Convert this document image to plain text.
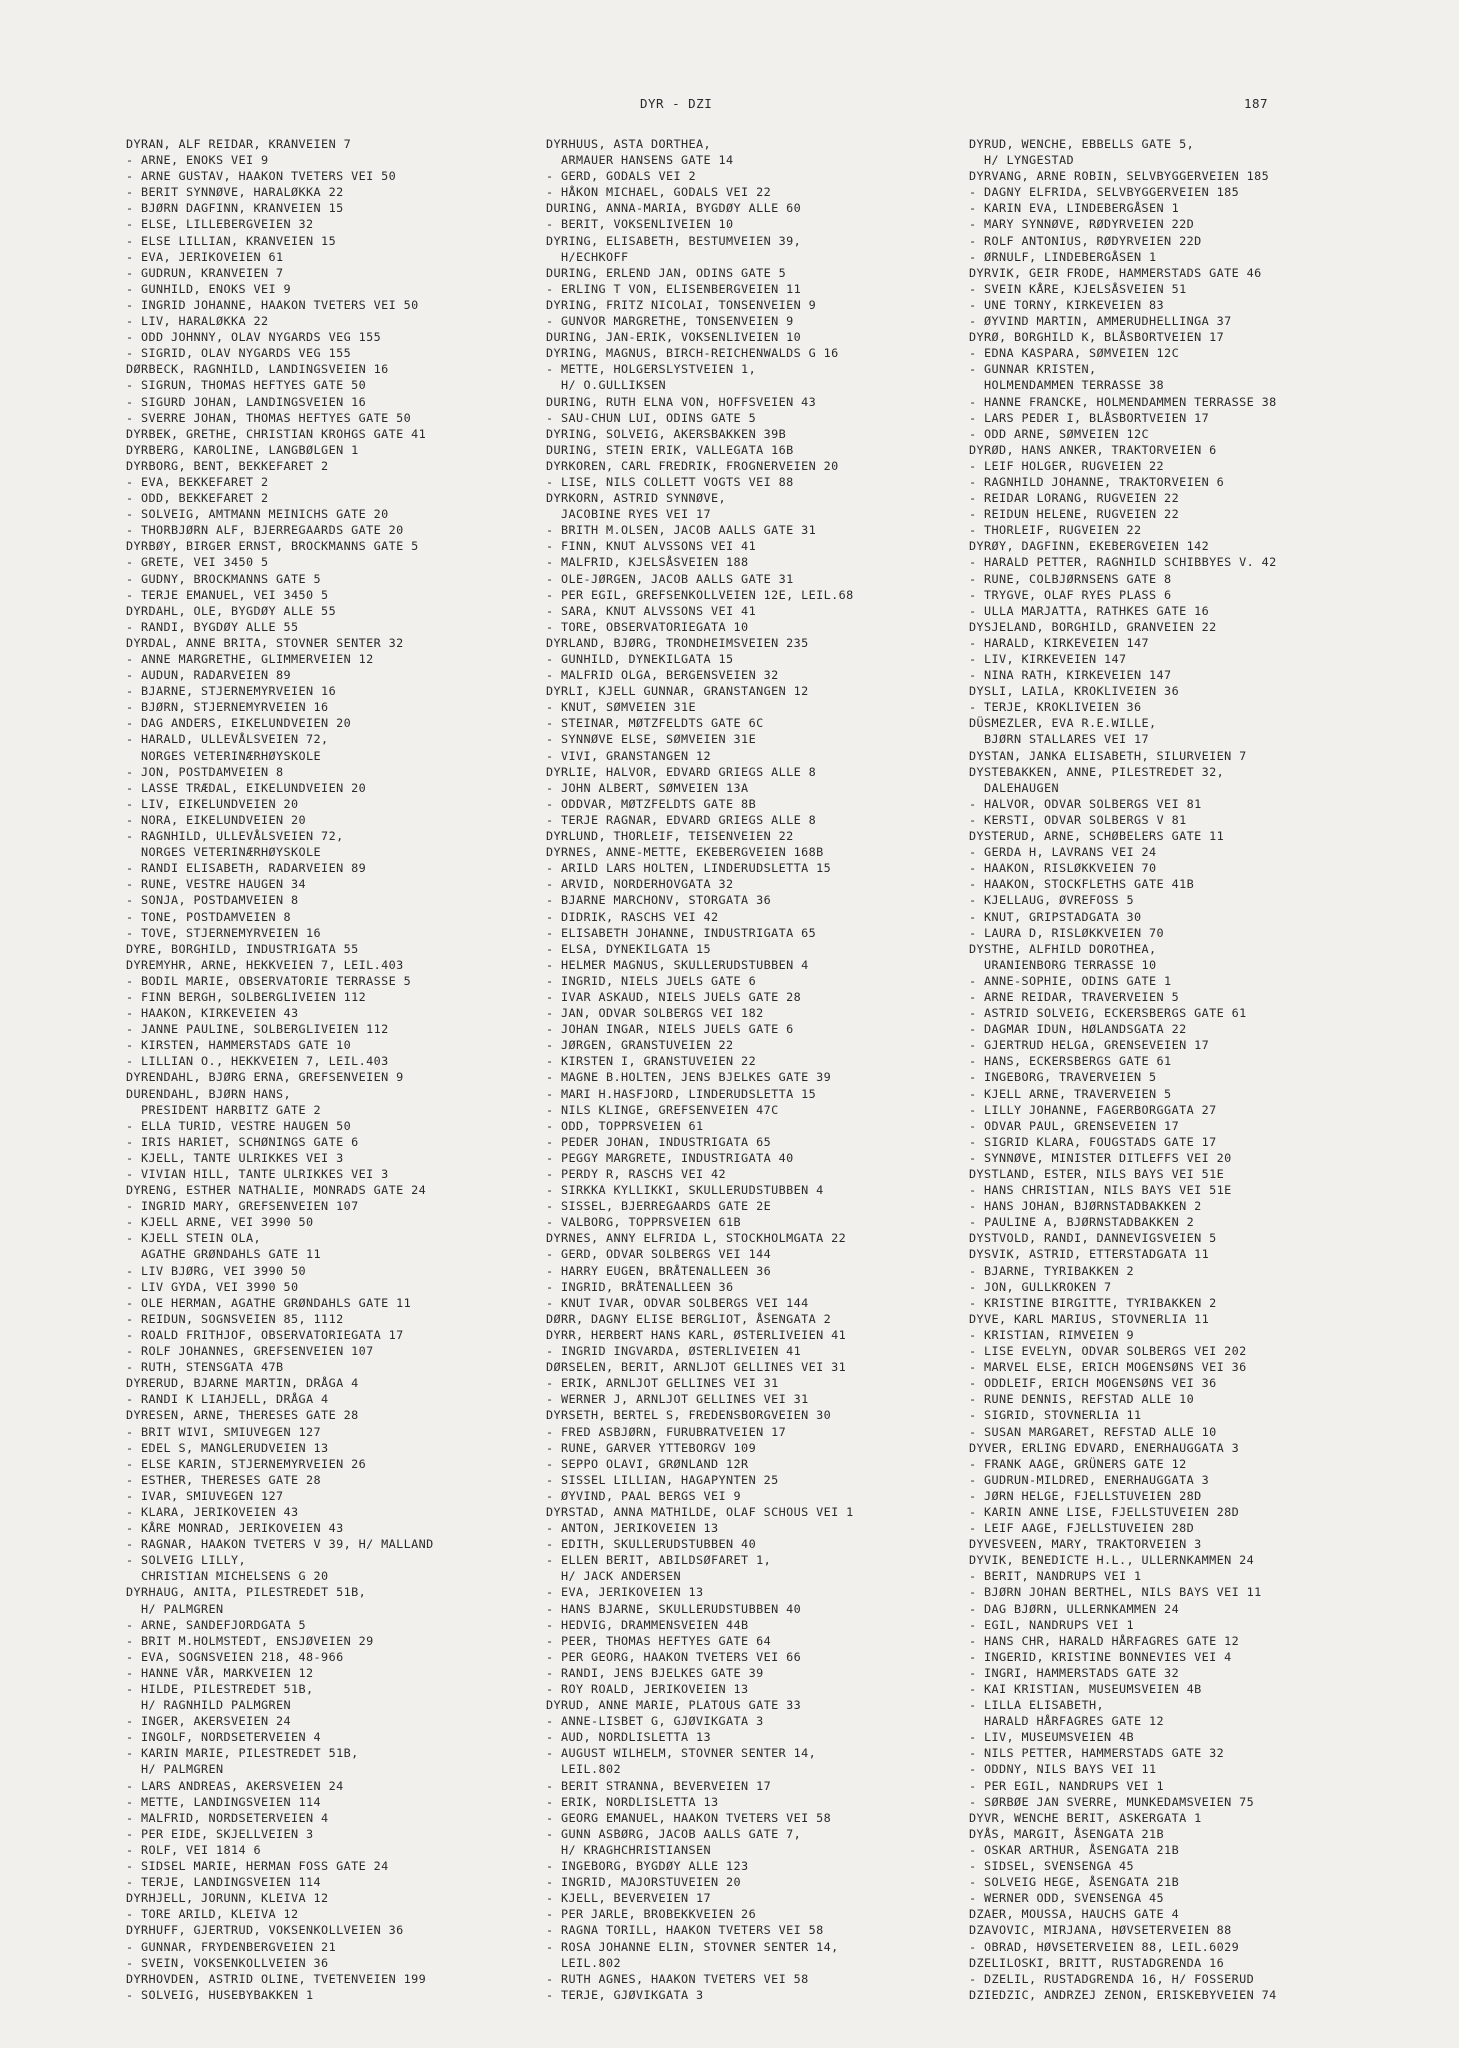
DYR - DZI	187
DYRAN, ALF REIDAR, KRANVEIEN 7
- ARNE, ENOKS VEI 9
- ARNE GUSTAV, HAAKON TVETERS VEI 50
- BERIT SYNNØVE, HARALØKKA 22
- BJØRN DAGFINN, KRANVEIEN 15
- ELSE, LILLEBERGVEIEN 32
- ELSE LILLIAN, KRANVEIEN 15
- EVA, JERIKOVEIEN 61
- GUDRUN, KRANVEIEN 7
- GUNHILD, ENOKS VEI 9
- INGRID JOHANNE, HAAKON TVETERS VEI 50
- LIV, HARALØKKA 22
- ODD JOHNNY, OLAV NYGARDS VEG 155
- SIGRID, OLAV NYGARDS VEG 155
DØRBECK, RAGNHILD, LANDINGSVEIEN 16
- SIGRUN, THOMAS HEFTYES GATE 50
- SIGURD JOHAN, LANDINGSVEIEN 16
- SVERRE JOHAN, THOMAS HEFTYES GATE 50
DYRBEK, GRETHE, CHRISTIAN KROHGS GATE 41
DYRBERG, KAROLINE, LANGBØLGEN 1
DYRBORG, BENT, BEKKEFARET 2
- EVA, BEKKEFARET 2
- ODD, BEKKEFARET 2
- SOLVEIG, AMTMANN MEINICHS GATE 20
- THORBJØRN ALF, BJERREGAARDS GATE 20
DYRBØY, BIRGER ERNST, BROCKMANNS GATE 5
- GRETE, VEI 3450 5
- GUDNY, BROCKMANNS GATE 5
- TERJE EMANUEL, VEI 3450 5
DYRDAHL, OLE, BYGDØY ALLE 55
- RANDI, BYGDØY ALLE 55
DYRDAL, ANNE BRITA, STOVNER SENTER 32
- ANNE MARGRETHE, GLIMMERVEIEN 12
- AUDUN, RADARVEIEN 89
- BJARNE, STJERNEMYRVEIEN 16
- BJØRN, STJERNEMYRVEIEN 16
- DAG ANDERS, EIKELUNDVEIEN 20
- HARALD, ULLEVÅLSVEIEN 72,
NORGES VETERINÆRHØYSKOLE
- JON, POSTDAMVEIEN 8
- LASSE TRÆDAL, EIKELUNDVEIEN 20
- LIV, EIKELUNDVEIEN 20
- NORA, EIKELUNDVEIEN 20
- RAGNHILD, ULLEVÅLSVEIEN 72,
NORGES VETERINÆRHØYSKOLE
- RANDI ELISABETH, RADARVEIEN 89
- RUNE, VESTRE HAUGEN 34
- SONJA, POSTDAMVEIEN 8
- TONE, POSTDAMVEIEN 8
- TOVE, STJERNEMYRVEIEN 16
DYRE, BORGHILD, INDUSTRIGATA 55
DYREMYHR, ARNE, HEKKVEIEN 7, LEIL.403
- BODIL MARIE, OBSERVATORIE TERRASSE 5
- FINN BERGH, SOLBERGLIVEIEN 112
- HAAKON, KIRKEVEIEN 43
- JANNE PAULINE, SOLBERGLIVEIEN 112
- KIRSTEN, HAMMERSTADS GATE 10
- LILLIAN O., HEKKVEIEN 7, LEIL.403
DYRENDAHL, BJØRG ERNA, GREFSENVEIEN 9
DURENDAHL, BJØRN HANS,
PRESIDENT HARBITZ GATE 2
- ELLA TURID, VESTRE HAUGEN 50
- IRIS HARIET, SCHØNINGS GATE 6
- KJELL, TANTE ULRIKKES VEI 3
- VIVIAN HILL, TANTE ULRIKKES VEI 3
DYRENG, ESTHER NATHALIE, MONRADS GATE 24
- INGRID MARY, GREFSENVEIEN 107
- KJELL ARNE, VEI 3990 50
- KJELL STEIN OLA,
AGATHE GRØNDAHLS GATE 11
- LIV BJØRG, VEI 3990 50
- LIV GYDA, VEI 3990 50
- OLE HERMAN, AGATHE GRØNDAHLS GATE 11
- REIDUN, SOGNSVEIEN 85, 1112
- ROALD FRITHJOF, OBSERVATORIEGATA 17
- ROLF JOHANNES, GREFSENVEIEN 107
- RUTH, STENSGATA 47B
DYRERUD, BJARNE MARTIN, DRÅGA 4
- RANDI K LIAHJELL, DRÅGA 4
DYRESEN, ARNE, THERESES GATE 28
- BRIT WIVI, SMIUVEGEN 127
- EDEL S, MANGLERUDVEIEN 13
- ELSE KARIN, STJERNEMYRVEIEN 26
- ESTHER, THERESES GATE 28
- IVAR, SMIUVEGEN 127
- KLARA, JERIKOVEIEN 43
- KÅRE MONRAD, JERIKOVEIEN 43
- RAGNAR, HAAKON TVETERS V 39, H/ MALLAND
- SOLVEIG LILLY,
CHRISTIAN MICHELSENS G 20
DYRHAUG, ANITA, PILESTREDET 51B,
H/ PALMGREN
- ARNE, SANDEFJORDGATA 5
- BRIT M.HOLMSTEDT, ENSJØVEIEN 29
- EVA, SOGNSVEIEN 218, 48-966
- HANNE VÅR, MARKVEIEN 12
- HILDE, PILESTREDET 51B,
H/ RAGNHILD PALMGREN
- INGER, AKERSVEIEN 24
- INGOLF, NORDSETERVEIEN 4
- KARIN MARIE, PILESTREDET 51B,
H/ PALMGREN
- LARS ANDREAS, AKERSVEIEN 24
- METTE, LANDINGSVEIEN 114
- MALFRID, NORDSETERVEIEN 4
- PER EIDE, SKJELLVEIEN 3
- ROLF, VEI 1814 6
- SIDSEL MARIE, HERMAN FOSS GATE 24
- TERJE, LANDINGSVEIEN 114
DYRHJELL, JORUNN, KLEIVA 12
- TORE ARILD, KLEIVA 12
DYRHUFF, GJERTRUD, VOKSENKOLLVEIEN 36
- GUNNAR, FRYDENBERGVEIEN 21
- SVEIN, VOKSENKOLLVEIEN 36
DYRHOVDEN, ASTRID OLINE, TVETENVEIEN 199
- SOLVEIG, HUSEBYBAKKEN 1
DYRHUUS, ASTA DORTHEA,
ARMAUER HANSENS GATE 14
- GERD, GODALS VEI 2
- HÅKON MICHAEL, GODALS VEI 22
DURING, ANNA-MARIA, BYGDØY ALLE 60
- BERIT, VOKSENLIVEIEN 10
DYRING, ELISABETH, BESTUMVEIEN 39,
H/ECHKOFF
DURING, ERLEND JAN, ODINS GATE 5
- ERLING T VON, ELISENBERGVEIEN 11
DYRING, FRITZ NICOLAI, TONSENVEIEN 9
- GUNVOR MARGRETHE, TONSENVEIEN 9
DURING, JAN-ERIK, VOKSENLIVEIEN 10
DYRING, MAGNUS, BIRCH-REICHENWALDS G 16
- METTE, HOLGERSLYSTVEIEN 1,
H/ O.GULLIKSEN
DURING, RUTH ELNA VON, HOFFSVEIEN 43
- SAU-CHUN LUI, ODINS GATE 5
DYRING, SOLVEIG, AKERSBAKKEN 39B
DURING, STEIN ERIK, VALLEGATA 16B
DYRKOREN, CARL FREDRIK, FROGNERVEIEN 20
- LISE, NILS COLLETT VOGTS VEI 88
DYRKORN, ASTRID SYNNØVE,
JACOBINE RYES VEI 17
- BRITH M.OLSEN, JACOB AALLS GATE 31
- FINN, KNUT ALVSSONS VEI 41
- MALFRID, KJELSÅSVEIEN 188
- OLE-JØRGEN, JACOB AALLS GATE 31
- PER EGIL, GREFSENKOLLVEIEN 12E, LEIL.68
- SARA, KNUT ALVSSONS VEI 41
- TORE, OBSERVATORIEGATA 10
DYRLAND, BJØRG, TRONDHEIMSVEIEN 235
- GUNHILD, DYNEKILGATA 15
- MALFRID OLGA, BERGENSVEIEN 32
DYRLI, KJELL GUNNAR, GRANSTANGEN 12
- KNUT, SØMVEIEN 31E
- STEINAR, MØTZFELDTS GATE 6C
- SYNNØVE ELSE, SØMVEIEN 31E
- VIVI, GRANSTANGEN 12
DYRLIE, HALVOR, EDVARD GRIEGS ALLE 8
- JOHN ALBERT, SØMVEIEN 13A
- ODDVAR, MØTZFELDTS GATE 8B
- TERJE RAGNAR, EDVARD GRIEGS ALLE 8
DYRLUND, THORLEIF, TEISENVEIEN 22
DYRNES, ANNE-METTE, EKEBERGVEIEN 168B
- ARILD LARS HOLTEN, LINDERUDSLETTA 15
- ARVID, NORDERHOVGATA 32
- BJARNE MARCHONV, STORGATA 36
- DIDRIK, RASCHS VEI 42
- ELISABETH JOHANNE, INDUSTRIGATA 65
- ELSA, DYNEKILGATA 15
- HELMER MAGNUS, SKULLERUDSTUBBEN 4
- INGRID, NIELS JUELS GATE 6
- IVAR ASKAUD, NIELS JUELS GATE 28
- JAN, ODVAR SOLBERGS VEI 182
- JOHAN INGAR, NIELS JUELS GATE 6
- JØRGEN, GRANSTUVEIEN 22
- KIRSTEN I, GRANSTUVEIEN 22
- MAGNE B.HOLTEN, JENS BJELKES GATE 39
- MARI H.HASFJORD, LINDERUDSLETTA 15
- NILS KLINGE, GREFSENVEIEN 47C
- ODD, TOPPRSVEIEN 61
- PEDER JOHAN, INDUSTRIGATA 65
- PEGGY MARGRETE, INDUSTRIGATA 40
- PERDY R, RASCHS VEI 42
- SIRKKA KYLLIKKI, SKULLERUDSTUBBEN 4
- SISSEL, BJERREGAARDS GATE 2E
- VALBORG, TOPPRSVEIEN 61B
DYRNES, ANNY ELFRIDA L, STOCKHOLMGATA 22
- GERD, ODVAR SOLBERGS VEI 144
- HARRY EUGEN, BRÅTENALLEEN 36
- INGRID, BRÅTENALLEEN 36
- KNUT IVAR, ODVAR SOLBERGS VEI 144
DØRR, DAGNY ELISE BERGLIOT, ÅSENGATA 2
DYRR, HERBERT HANS KARL, ØSTERLIVEIEN 41
- INGRID INGVARDA, ØSTERLIVEIEN 41
DØRSELEN, BERIT, ARNLJOT GELLINES VEI 31
- ERIK, ARNLJOT GELLINES VEI 31
- WERNER J, ARNLJOT GELLINES VEI 31
DYRSETH, BERTEL S, FREDENSBORGVEIEN 30
- FRED ASBJØRN, FURUBRATVEIEN 17
- RUNE, GARVER YTTEBORGV 109
- SEPPO OLAVI, GRØNLAND 12R
- SISSEL LILLIAN, HAGAPYNTEN 25
- ØYVIND, PAAL BERGS VEI 9
DYRSTAD, ANNA MATHILDE, OLAF SCHOUS VEI 1
- ANTON, JERIKOVEIEN 13
- EDITH, SKULLERUDSTUBBEN 40
- ELLEN BERIT, ABILDSØFARET 1,
H/ JACK ANDERSEN
- EVA, JERIKOVEIEN 13
- HANS BJARNE, SKULLERUDSTUBBEN 40
- HEDVIG, DRAMMENSVEIEN 44B
- PEER, THOMAS HEFTYES GATE 64
- PER GEORG, HAAKON TVETERS VEI 66
- RANDI, JENS BJELKES GATE 39
- ROY ROALD, JERIKOVEIEN 13
DYRUD, ANNE MARIE, PLATOUS GATE 33
- ANNE-LISBET G, GJØVIKGATA 3
- AUD, NORDLISLETTA 13
- AUGUST WILHELM, STOVNER SENTER 14,
LEIL.802
- BERIT STRANNA, BEVERVEIEN 17
- ERIK, NORDLISLETTA 13
- GEORG EMANUEL, HAAKON TVETERS VEI 58
- GUNN ASBØRG, JACOB AALLS GATE 7,
H/ KRAGHCHRISTIANSEN
- INGEBORG, BYGDØY ALLE 123
- INGRID, MAJORSTUVEIEN 20
- KJELL, BEVERVEIEN 17
- PER JARLE, BROBEKKVEIEN 26
- RAGNA TORILL, HAAKON TVETERS VEI 58
- ROSA JOHANNE ELIN, STOVNER SENTER 14,
LEIL.802
- RUTH AGNES, HAAKON TVETERS VEI 58
- TERJE, GJØVIKGATA 3
DYRUD, WENCHE, EBBELLS GATE 5,
H/ LYNGESTAD
DYRVANG, ARNE ROBIN, SELVBYGGERVEIEN 185
- DAGNY ELFRIDA, SELVBYGGERVEIEN 185
- KARIN EVA, LINDEBERGÅSEN 1
- MARY SYNNØVE, RØDYRVEIEN 22D
- ROLF ANTONIUS, RØDYRVEIEN 22D
- ØRNULF, LINDEBERGÅSEN 1
DYRVIK, GEIR FRODE, HAMMERSTADS GATE 46
- SVEIN KÅRE, KJELSÅSVEIEN 51
- UNE TORNY, KIRKEVEIEN 83
- ØYVIND MARTIN, AMMERUDHELLINGA 37
DYRØ, BORGHILD K, BLÅSBORTVEIEN 17
- EDNA KASPARA, SØMVEIEN 12C
- GUNNAR KRISTEN,
HOLMENDAMMEN TERRASSE 38
- HANNE FRANCKE, HOLMENDAMMEN TERRASSE 38
- LARS PEDER I, BLÅSBORTVEIEN 17
- ODD ARNE, SØMVEIEN 12C
DYRØD, HANS ANKER, TRAKTORVEIEN 6
- LEIF HOLGER, RUGVEIEN 22
- RAGNHILD JOHANNE, TRAKTORVEIEN 6
- REIDAR LORANG, RUGVEIEN 22
- REIDUN HELENE, RUGVEIEN 22
- THORLEIF, RUGVEIEN 22
DYRØY, DAGFINN, EKEBERGVEIEN 142
- HARALD PETTER, RAGNHILD SCHIBBYES V. 42
- RUNE, COLBJØRNSENS GATE 8
- TRYGVE, OLAF RYES PLASS 6
- ULLA MARJATTA, RATHKES GATE 16
DYSJELAND, BORGHILD, GRANVEIEN 22
- HARALD, KIRKEVEIEN 147
- LIV, KIRKEVEIEN 147
- NINA RATH, KIRKEVEIEN 147
DYSLI, LAILA, KROKLIVEIEN 36
- TERJE, KROKLIVEIEN 36
DÜSMEZLER, EVA R.E.WILLE,
BJØRN STALLARES VEI 17
DYSTAN, JANKA ELISABETH, SILURVEIEN 7
DYSTEBAKKEN, ANNE, PILESTREDET 32,
DALEHAUGEN
- HALVOR, ODVAR SOLBERGS VEI 81
- KERSTI, ODVAR SOLBERGS V 81
DYSTERUD, ARNE, SCHØBELERS GATE 11
- GERDA H, LAVRANS VEI 24
- HAAKON, RISLØKKVEIEN 70
- HAAKON, STOCKFLETHS GATE 41B
- KJELLAUG, ØVREFOSS 5
- KNUT, GRIPSTADGATA 30
- LAURA D, RISLØKKVEIEN 70
DYSTHE, ALFHILD DOROTHEA,
URANIENBORG TERRASSE 10
- ANNE-SOPHIE, ODINS GATE 1
- ARNE REIDAR, TRAVERVEIEN 5
- ASTRID SOLVEIG, ECKERSBERGS GATE 61
- DAGMAR IDUN, HØLANDSGATA 22
- GJERTRUD HELGA, GRENSEVEIEN 17
- HANS, ECKERSBERGS GATE 61
- INGEBORG, TRAVERVEIEN 5
- KJELL ARNE, TRAVERVEIEN 5
- LILLY JOHANNE, FAGERBORGGATA 27
- ODVAR PAUL, GRENSEVEIEN 17
- SIGRID KLARA, FOUGSTADS GATE 17
- SYNNØVE, MINISTER DITLEFFS VEI 20
DYSTLAND, ESTER, NILS BAYS VEI 51E
- HANS CHRISTIAN, NILS BAYS VEI 51E
- HANS JOHAN, BJØRNSTADBAKKEN 2
- PAULINE A, BJØRNSTADBAKKEN 2
DYSTVOLD, RANDI, DANNEVIGSVEIEN 5
DYSVIK, ASTRID, ETTERSTADGATA 11
- BJARNE, TYRIBAKKEN 2
- JON, GULLKROKEN 7
- KRISTINE BIRGITTE, TYRIBAKKEN 2
DYVE, KARL MARIUS, STOVNERLIA 11
- KRISTIAN, RIMVEIEN 9
- LISE EVELYN, ODVAR SOLBERGS VEI 202
- MARVEL ELSE, ERICH MOGENSØNS VEI 36
- ODDLEIF, ERICH MOGENSØNS VEI 36
- RUNE DENNIS, REFSTAD ALLE 10
- SIGRID, STOVNERLIA 11
- SUSAN MARGARET, REFSTAD ALLE 10
DYVER, ERLING EDVARD, ENERHAUGGATA 3
- FRANK AAGE, GRÜNERS GATE 12
- GUDRUN-MILDRED, ENERHAUGGATA 3
- JØRN HELGE, FJELLSTUVEIEN 28D
- KARIN ANNE LISE, FJELLSTUVEIEN 28D
- LEIF AAGE, FJELLSTUVEIEN 28D
DYVESVEEN, MARY, TRAKTORVEIEN 3
DYVIK, BENEDICTE H.L., ULLERNKAMMEN 24
- BERIT, NANDRUPS VEI 1
- BJØRN JOHAN BERTHEL, NILS BAYS VEI 11
- DAG BJØRN, ULLERNKAMMEN 24
- EGIL, NANDRUPS VEI 1
- HANS CHR, HARALD HÅRFAGRES GATE 12
- INGERID, KRISTINE BONNEVIES VEI 4
- INGRI, HAMMERSTADS GATE 32
- KAI KRISTIAN, MUSEUMSVEIEN 4B
- LILLA ELISABETH,
HARALD HÅRFAGRES GATE 12
- LIV, MUSEUMSVEIEN 4B
- NILS PETTER, HAMMERSTADS GATE 32
- ODDNY, NILS BAYS VEI 11
- PER EGIL, NANDRUPS VEI 1
- SØRBØE JAN SVERRE, MUNKEDAMSVEIEN 75
DYVR, WENCHE BERIT, ASKERGATA 1
DYÅS, MARGIT, ÅSENGATA 21B
- OSKAR ARTHUR, ÅSENGATA 21B
- SIDSEL, SVENSENGA 45
- SOLVEIG HEGE, ÅSENGATA 21B
- WERNER ODD, SVENSENGA 45
DZAER, MOUSSA, HAUCHS GATE 4
DZAVOVIC, MIRJANA, HØVSETERVEIEN 88
- OBRAD, HØVSETERVEIEN 88, LEIL.6029
DZELILOSKI, BRITT, RUSTADGRENDA 16
- DZELIL, RUSTADGRENDA 16, H/ FOSSERUD
DZIEDZIC, ANDRZEJ ZENON, ERISKEBYVEIEN 74
